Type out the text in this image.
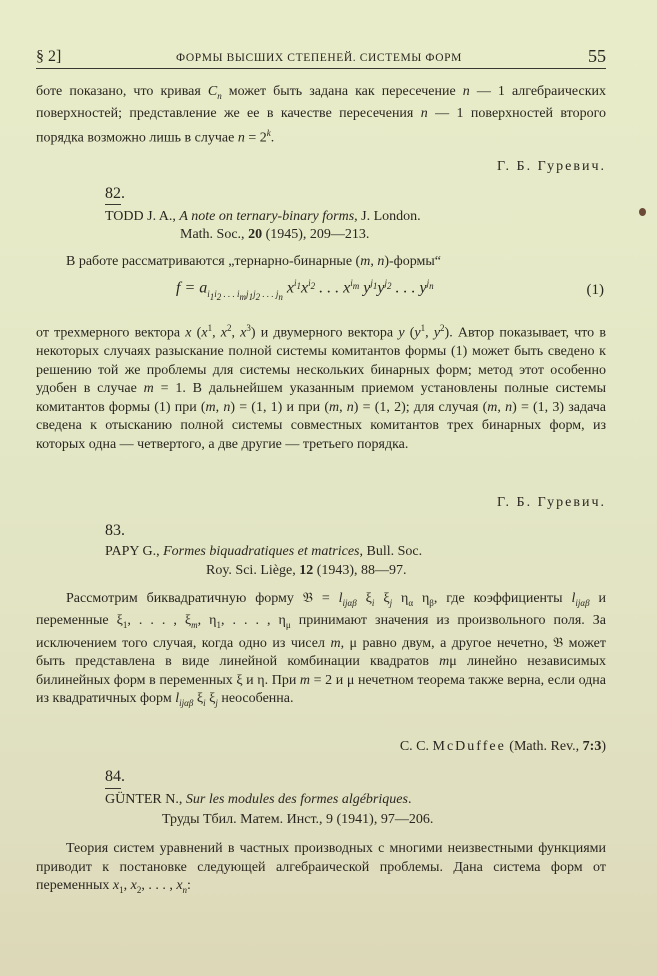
§ 2]	ФОРМЫ ВЫСШИХ СТЕПЕНЕЙ. СИСТЕМЫ ФОРМ	55
боте показано, что кривая $C_n$ может быть задана как пересечение n — 1 алгебраических поверхностей; представление же ее в качестве пересечения n — 1 поверхностей второго порядка возможно лишь в случае $n = 2^k$.
Г. Б. Гуревич.
82.
TODD J. A., A note on ternary-binary forms, J. London.
Math. Soc., 20 (1945), 209—213.
В работе рассматриваются „тернарно-бинарные (m, n)-формы“
$f = a_{i_1i_2 . . . i_mj_1j_2 . . . j_n}$ $x^{i_1}x^{i_2}$ . . . $x^{i_m}$ $y^{j_1}y^{j_2}$ . . . $y^{j_n}$	(1)
от трехмерного вектора x ($x^1$, $x^2$, $x^3$) и двумерного вектора y ($y^1$, $y^2$). Автор показывает, что в некоторых случаях разыскание полной системы комитантов формы (1) может быть сведено к решению той же проблемы для системы нескольких бинарных форм; метод этот особенно удобен в случае m = 1. В дальнейшем указанным приемом установлены полные системы комитантов формы (1) при (m, n) = (1, 1) и при (m, n) = (1, 2); для случая (m, n) = (1, 3) задача сведена к отысканию полной системы совместных комитантов трех бинарных форм, из которых одна — четвертого, а две другие — третьего порядка.
Г. Б. Гуревич.
83.
PAPY G., Formes biquadratiques et matrices, Bull. Soc.
Roy. Sci. Liège, 12 (1943), 88—97.
Рассмотрим биквадратичную форму 𝔅 = $l_{ij\alpha\beta}$ $\xi_i$ $\xi_j$ $\eta_\alpha$ $\eta_\beta$, где коэффициенты $l_{ij\alpha\beta}$ и переменные $\xi_1$, . . . , $\xi_m$, $\eta_1$, . . . , $\eta_\mu$ принимают значения из произвольного поля. За исключением того случая, когда одно из чисел m, μ равно двум, а другое нечетно, 𝔅 может быть представлена в виде линейной комбинации квадратов mμ линейно независимых билинейных форм в переменных ξ и η. При m = 2 и μ нечетном теорема также верна, если одна из квадратичных форм $l_{ij\alpha\beta}$ $\xi_i$ $\xi_j$ неособенна.
C. C. McDuffee (Math. Rev., 7:3)
84.
GÜNTER N., Sur les modules des formes algébriques.
Труды Тбил. Матем. Инст., 9 (1941), 97—206.
Теория систем уравнений в частных производных с многими неизвестными функциями приводит к постановке следующей алгебраической проблемы. Дана система форм от переменных $x_1$, $x_2$, . . . , $x_n$:
